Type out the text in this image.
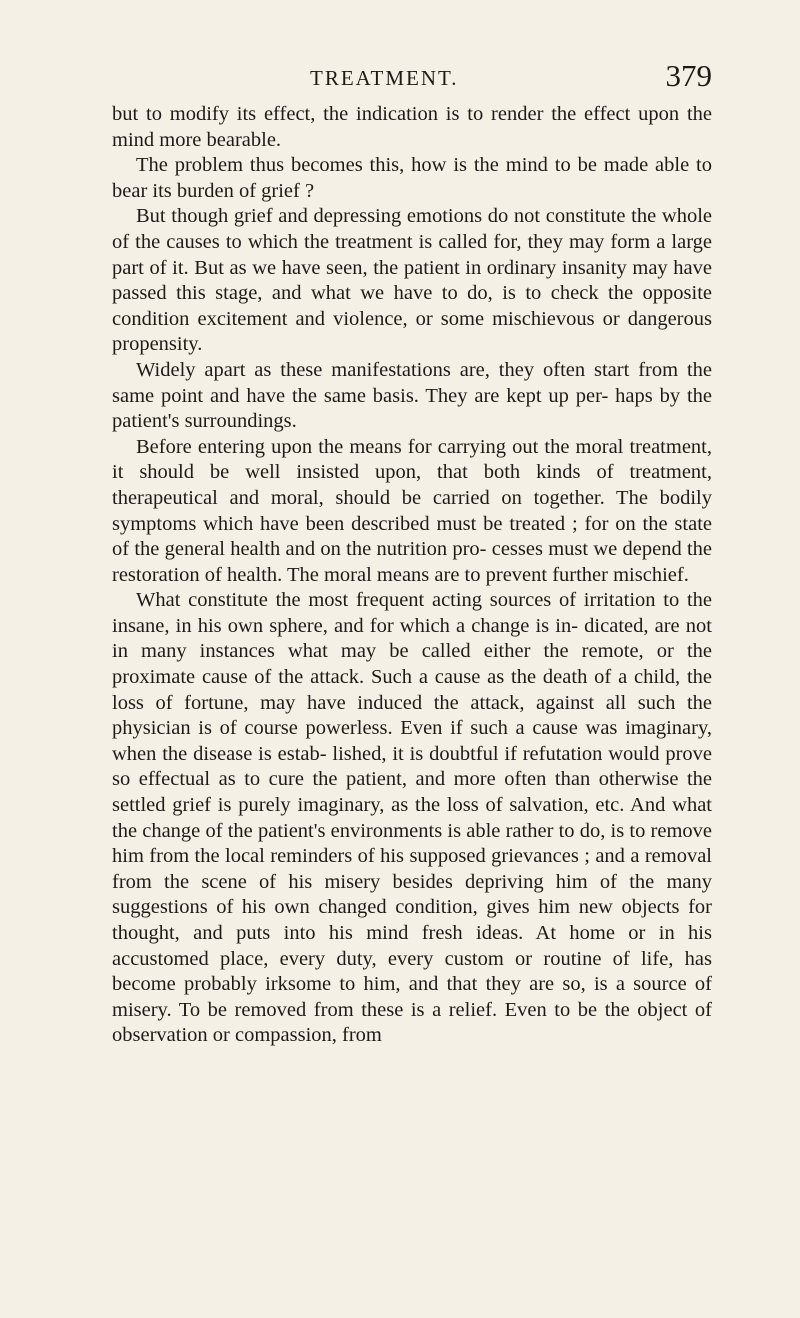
TREATMENT.	379

but to modify its effect, the indication is to render the effect upon the mind more bearable.

The problem thus becomes this, how is the mind to be made able to bear its burden of grief ?

But though grief and depressing emotions do not constitute the whole of the causes to which the treatment is called for, they may form a large part of it. But as we have seen, the patient in ordinary insanity may have passed this stage, and what we have to do, is to check the opposite condition excitement and violence, or some mischievous or dangerous propensity.

Widely apart as these manifestations are, they often start from the same point and have the same basis. They are kept up per- haps by the patient's surroundings.

Before entering upon the means for carrying out the moral treatment, it should be well insisted upon, that both kinds of treatment, therapeutical and moral, should be carried on together. The bodily symptoms which have been described must be treated ; for on the state of the general health and on the nutrition pro- cesses must we depend the restoration of health. The moral means are to prevent further mischief.

What constitute the most frequent acting sources of irritation to the insane, in his own sphere, and for which a change is in- dicated, are not in many instances what may be called either the remote, or the proximate cause of the attack. Such a cause as the death of a child, the loss of fortune, may have induced the attack, against all such the physician is of course powerless. Even if such a cause was imaginary, when the disease is estab- lished, it is doubtful if refutation would prove so effectual as to cure the patient, and more often than otherwise the settled grief is purely imaginary, as the loss of salvation, etc. And what the change of the patient's environments is able rather to do, is to remove him from the local reminders of his supposed grievances ; and a removal from the scene of his misery besides depriving him of the many suggestions of his own changed condition, gives him new objects for thought, and puts into his mind fresh ideas. At home or in his accustomed place, every duty, every custom or routine of life, has become probably irksome to him, and that they are so, is a source of misery. To be removed from these is a relief. Even to be the object of observation or compassion, from
